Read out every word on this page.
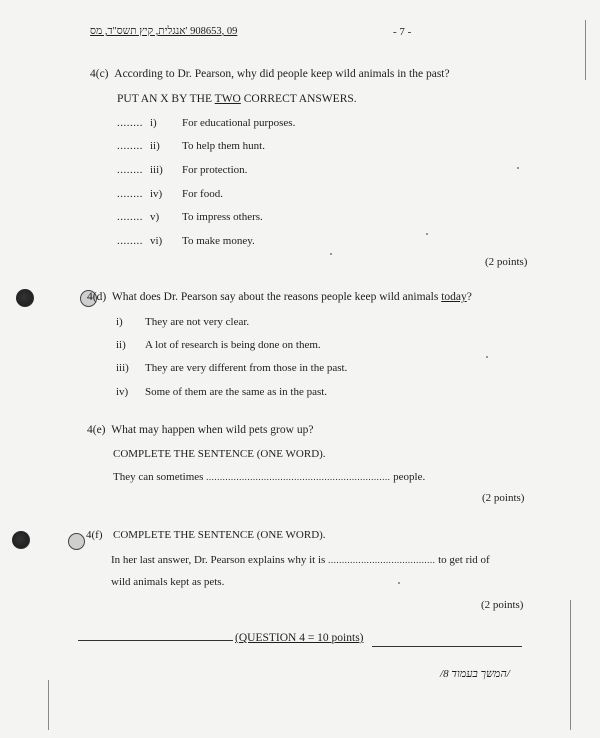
09 ,908653 'אנגלית, קיץ תשס"ד, מס	- 7 -
4(c) According to Dr. Pearson, why did people keep wild animals in the past?
PUT AN X BY THE TWO CORRECT ANSWERS.
........ i) For educational purposes.
........ ii) To help them hunt.
........ iii) For protection.
........ iv) For food.
........ v) To impress others.
........ vi) To make money.
(2 points)
4(d) What does Dr. Pearson say about the reasons people keep wild animals today?
i) They are not very clear.
ii) A lot of research is being done on them.
iii) They are very different from those in the past.
iv) Some of them are the same as in the past.
4(e) What may happen when wild pets grow up?
COMPLETE THE SENTENCE (ONE WORD).
They can sometimes ................................................................... people.
(2 points)
4(f) COMPLETE THE SENTENCE (ONE WORD).
In her last answer, Dr. Pearson explains why it is ....................................... to get rid of
wild animals kept as pets.
(2 points)
(QUESTION 4 = 10 points)
/המשך בעמוד 8/
